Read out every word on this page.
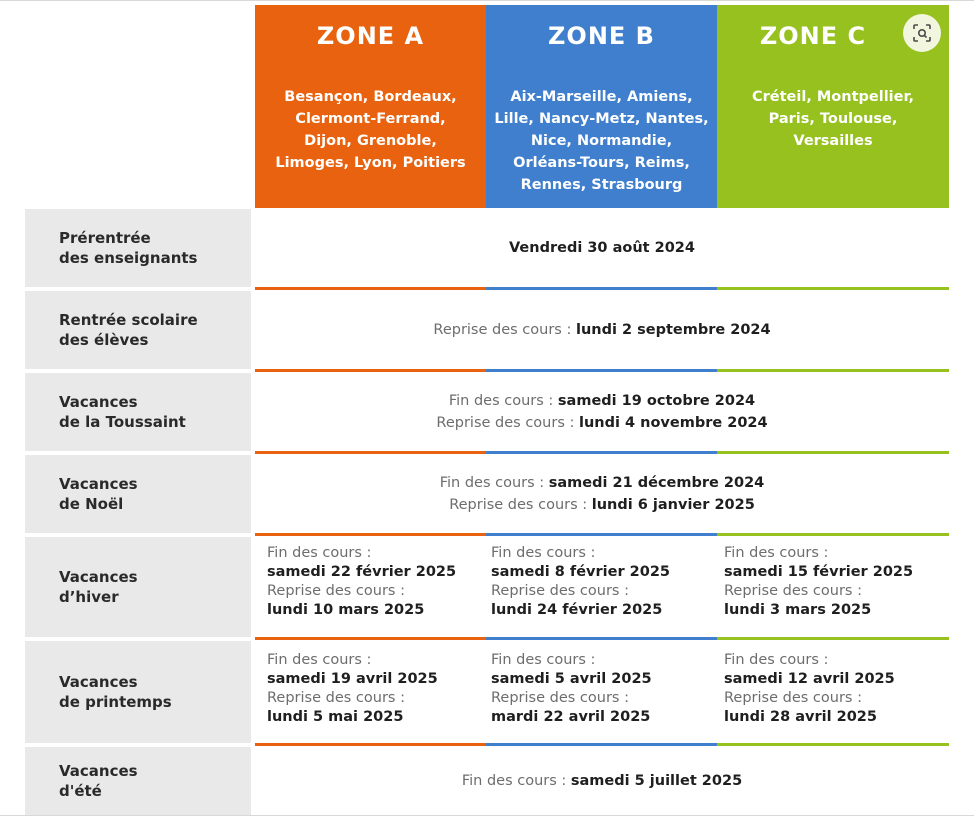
ZONE A	ZONE B	ZONE C
Besançon, Bordeaux,
Clermont-Ferrand,
Dijon, Grenoble,
Limoges, Lyon, Poitiers
Aix-Marseille, Amiens,
Lille, Nancy-Metz, Nantes,
Nice, Normandie,
Orléans-Tours, Reims,
Rennes, Strasbourg
Créteil, Montpellier,
Paris, Toulouse,
Versailles
Prérentrée
des enseignants
Vendredi 30 août 2024
Rentrée scolaire
des élèves
Reprise des cours : lundi 2 septembre 2024
Vacances
de la Toussaint
Fin des cours : samedi 19 octobre 2024
Reprise des cours : lundi 4 novembre 2024
Vacances
de Noël
Fin des cours : samedi 21 décembre 2024
Reprise des cours : lundi 6 janvier 2025
Vacances
d’hiver
Fin des cours :
samedi 22 février 2025
Reprise des cours :
lundi 10 mars 2025
Fin des cours :
samedi 8 février 2025
Reprise des cours :
lundi 24 février 2025
Fin des cours :
samedi 15 février 2025
Reprise des cours :
lundi 3 mars 2025
Vacances
de printemps
Fin des cours :
samedi 19 avril 2025
Reprise des cours :
lundi 5 mai 2025
Fin des cours :
samedi 5 avril 2025
Reprise des cours :
mardi 22 avril 2025
Fin des cours :
samedi 12 avril 2025
Reprise des cours :
lundi 28 avril 2025
Vacances
d'été
Fin des cours : samedi 5 juillet 2025
